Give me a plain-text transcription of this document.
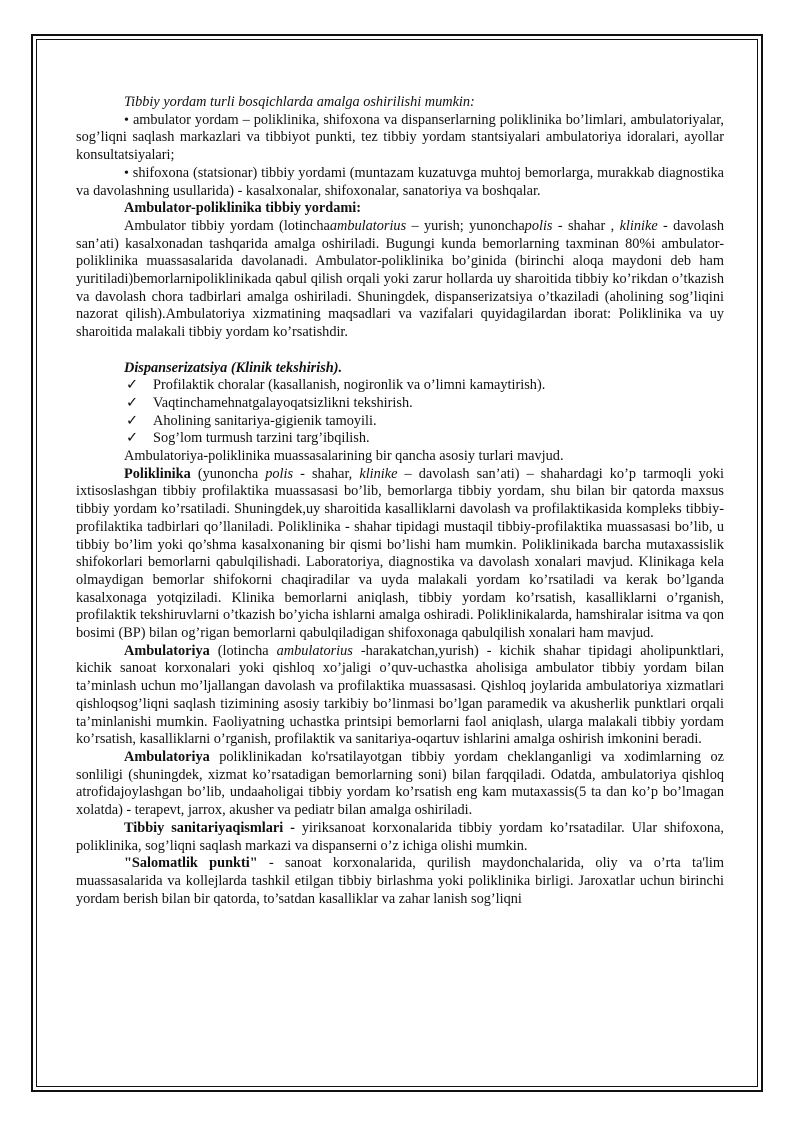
Tibbiy yordam turli bosqichlarda amalga oshirilishi mumkin:

• ambulator yordam – poliklinika, shifoxona va dispanserlarning poliklinika bo’limlari, ambulatoriyalar, sog’liqni saqlash markazlari va tibbiyot punkti, tez tibbiy yordam stantsiyalari ambulatoriya idoralari, ayollar konsultatsiyalari;

• shifoxona (statsionar) tibbiy yordami (muntazam kuzatuvga muhtoj bemorlarga, murakkab diagnostika va davolashning usullarida) - kasalxonalar, shifoxonalar, sanatoriya va boshqalar.

Ambulator-poliklinika tibbiy yordami:

Ambulator tibbiy yordam (lotinchaambulatorius – yurish; yunonchapolis - shahar , klinike - davolash san’ati) kasalxonadan tashqarida amalga oshiriladi. Bugungi kunda bemorlarning taxminan 80%i ambulator-poliklinika muassasalarida davolanadi. Ambulator-poliklinika bo’ginida (birinchi aloqa maydoni deb ham yuritiladi)bemorlarnipoliklinikada qabul qilish orqali yoki zarur hollarda uy sharoitida tibbiy ko’rikdan o’tkazish va davolash chora tadbirlari amalga oshiriladi. Shuningdek, dispanserizatsiya o’tkaziladi (aholining sog’liqini nazorat qilish).Ambulatoriya xizmatining maqsadlari va vazifalari quyidagilardan iborat: Poliklinika va uy sharoitida malakali tibbiy yordam ko’rsatishdir.

Dispanserizatsiya (Klinik tekshirish).

✓ Profilaktik choralar (kasallanish, nogironlik va o’limni kamaytirish).

✓ Vaqtinchamehnatgalayoqatsizlikni tekshirish.

✓ Aholining sanitariya-gigienik tamoyili.

✓ Sog’lom turmush tarzini targ’ibqilish.

Ambulatoriya-poliklinika muassasalarining bir qancha asosiy turlari mavjud.

Poliklinika (yunoncha polis - shahar, klinike – davolash san’ati) – shahardagi ko’p tarmoqli yoki ixtisoslashgan tibbiy profilaktika muassasasi bo’lib, bemorlarga tibbiy yordam, shu bilan bir qatorda maxsus tibbiy yordam ko’rsatiladi. Shuningdek,uy sharoitida kasalliklarni davolash va profilaktikasida kompleks tibbiy-profilaktika tadbirlari qo’llaniladi. Poliklinika - shahar tipidagi mustaqil tibbiy-profilaktika muassasasi bo’lib, u tibbiy bo’lim yoki qo’shma kasalxonaning bir qismi bo’lishi ham mumkin. Poliklinikada barcha mutaxassislik shifokorlari bemorlarni qabulqilishadi. Laboratoriya, diagnostika va davolash xonalari mavjud. Klinikaga kela olmaydigan bemorlar shifokorni chaqiradilar va uyda malakali yordam ko’rsatiladi va kerak bo’lganda kasalxonaga yotqiziladi. Klinika bemorlarni aniqlash, tibbiy yordam ko’rsatish, kasalliklarni o’rganish, profilaktik tekshiruvlarni o’tkazish bo’yicha ishlarni amalga oshiradi. Poliklinikalarda, hamshiralar isitma va qon bosimi (BP) bilan og’rigan bemorlarni qabulqiladigan shifoxonaga qabulqilish xonalari ham mavjud.

Ambulatoriya (lotincha ambulatorius -harakatchan,yurish) - kichik shahar tipidagi aholipunktlari, kichik sanoat korxonalari yoki qishloq xo’jaligi o’quv-uchastka aholisiga ambulator tibbiy yordam bilan ta’minlash uchun mo’ljallangan davolash va profilaktika muassasasi. Qishloq joylarida ambulatoriya xizmatlari qishloqsog’liqni saqlash tizimining asosiy tarkibiy bo’linmasi bo’lgan paramedik va akusherlik punktlari orqali ta’minlanishi mumkin. Faoliyatning uchastka printsipi bemorlarni faol aniqlash, ularga malakali tibbiy yordam ko’rsatish, kasalliklarni o’rganish, profilaktik va sanitariya-oqartuv ishlarini amalga oshirish imkonini beradi.

Ambulatoriya poliklinikadan ko'rsatilayotgan tibbiy yordam cheklanganligi va xodimlarning oz sonliligi (shuningdek, xizmat ko’rsatadigan bemorlarning soni) bilan farqqiladi. Odatda, ambulatoriya qishloq atrofidajoylashgan bo’lib, undaaholigai tibbiy yordam ko’rsatish eng kam mutaxassis(5 ta dan ko’p bo’lmagan xolatda) - terapevt, jarrox, akusher va pediatr bilan amalga oshiriladi.

Tibbiy sanitariyaqismlari - yiriksanoat korxonalarida tibbiy yordam ko’rsatadilar. Ular shifoxona, poliklinika, sog’liqni saqlash markazi va dispanserni o’z ichiga olishi mumkin.

"Salomatlik punkti" - sanoat korxonalarida, qurilish maydonchalarida, oliy va o’rta ta'lim muassasalarida va kollejlarda tashkil etilgan tibbiy birlashma yoki poliklinika birligi. Jaroxatlar uchun birinchi yordam berish bilan bir qatorda, to’satdan kasalliklar va zahar lanish sog’liqni
